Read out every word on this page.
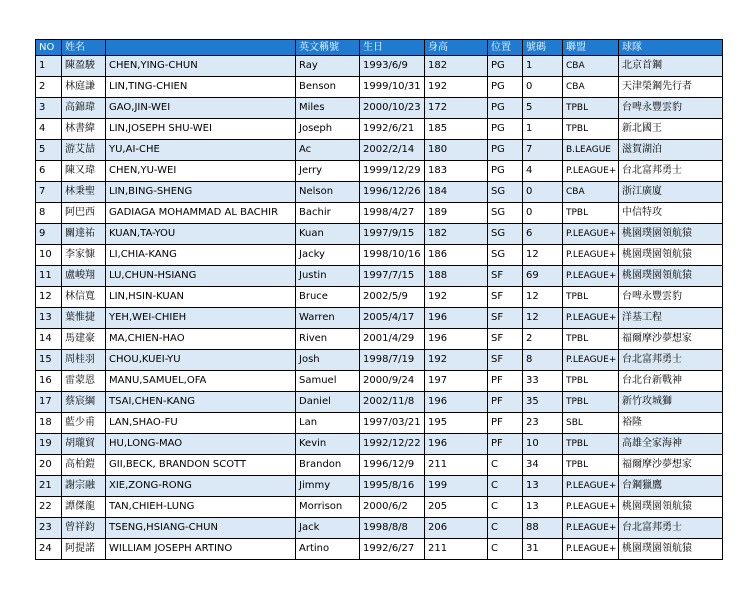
NO	姓名		英文稱號	生日	身高	位置	號碼	聯盟	球隊
1	陳盈駿	CHEN,YING-CHUN	Ray	1993/6/9	182	PG	1	CBA	北京首鋼
2	林庭謙	LIN,TING-CHIEN	Benson	1999/10/31	192	PG	0	CBA	天津榮鋼先行者
3	高錦瑋	GAO,JIN-WEI	Miles	2000/10/23	172	PG	5	TPBL	台啤永豐雲豹
4	林書緯	LIN,JOSEPH SHU-WEI	Joseph	1992/6/21	185	PG	1	TPBL	新北國王
5	游艾喆	YU,AI-CHE	Ac	2002/2/14	180	PG	7	B.LEAGUE	滋賀湖泊
6	陳又瑋	CHEN,YU-WEI	Jerry	1999/12/29	183	PG	4	P.LEAGUE+	台北富邦勇士
7	林秉聖	LIN,BING-SHENG	Nelson	1996/12/26	184	SG	0	CBA	浙江廣廈
8	阿巴西	GADIAGA MOHAMMAD AL BACHIR	Bachir	1998/4/27	189	SG	0	TPBL	中信特攻
9	關達祐	KUAN,TA-YOU	Kuan	1997/9/15	182	SG	6	P.LEAGUE+	桃園璞園領航猿
10	李家慷	LI,CHIA-KANG	Jacky	1998/10/16	186	SG	12	P.LEAGUE+	桃園璞園領航猿
11	盧峻翔	LU,CHUN-HSIANG	Justin	1997/7/15	188	SF	69	P.LEAGUE+	桃園璞園領航猿
12	林信寬	LIN,HSIN-KUAN	Bruce	2002/5/9	192	SF	12	TPBL	台啤永豐雲豹
13	葉惟捷	YEH,WEI-CHIEH	Warren	2005/4/17	196	SF	12	P.LEAGUE+	洋基工程
14	馬建豪	MA,CHIEN-HAO	Riven	2001/4/29	196	SF	2	TPBL	福爾摩沙夢想家
15	周桂羽	CHOU,KUEI-YU	Josh	1998/7/19	192	SF	8	P.LEAGUE+	台北富邦勇士
16	雷蒙恩	MANU,SAMUEL,OFA	Samuel	2000/9/24	197	PF	33	TPBL	台北台新戰神
17	蔡宸綱	TSAI,CHEN-KANG	Daniel	2002/11/8	196	PF	35	TPBL	新竹攻城獅
18	藍少甫	LAN,SHAO-FU	Lan	1997/03/21	195	PF	23	SBL	裕隆
19	胡瓏貿	HU,LONG-MAO	Kevin	1992/12/22	196	PF	10	TPBL	高雄全家海神
20	高柏鎧	GII,BECK, BRANDON SCOTT	Brandon	1996/12/9	211	C	34	TPBL	福爾摩沙夢想家
21	謝宗融	XIE,ZONG-RONG	Jimmy	1995/8/16	199	C	13	P.LEAGUE+	台鋼獵鷹
22	譚傑龍	TAN,CHIEH-LUNG	Morrison	2000/6/2	205	C	13	P.LEAGUE+	桃園璞園領航猿
23	曾祥鈞	TSENG,HSIANG-CHUN	Jack	1998/8/8	206	C	88	P.LEAGUE+	台北富邦勇士
24	阿提諾	WILLIAM JOSEPH ARTINO	Artino	1992/6/27	211	C	31	P.LEAGUE+	桃園璞園領航猿
